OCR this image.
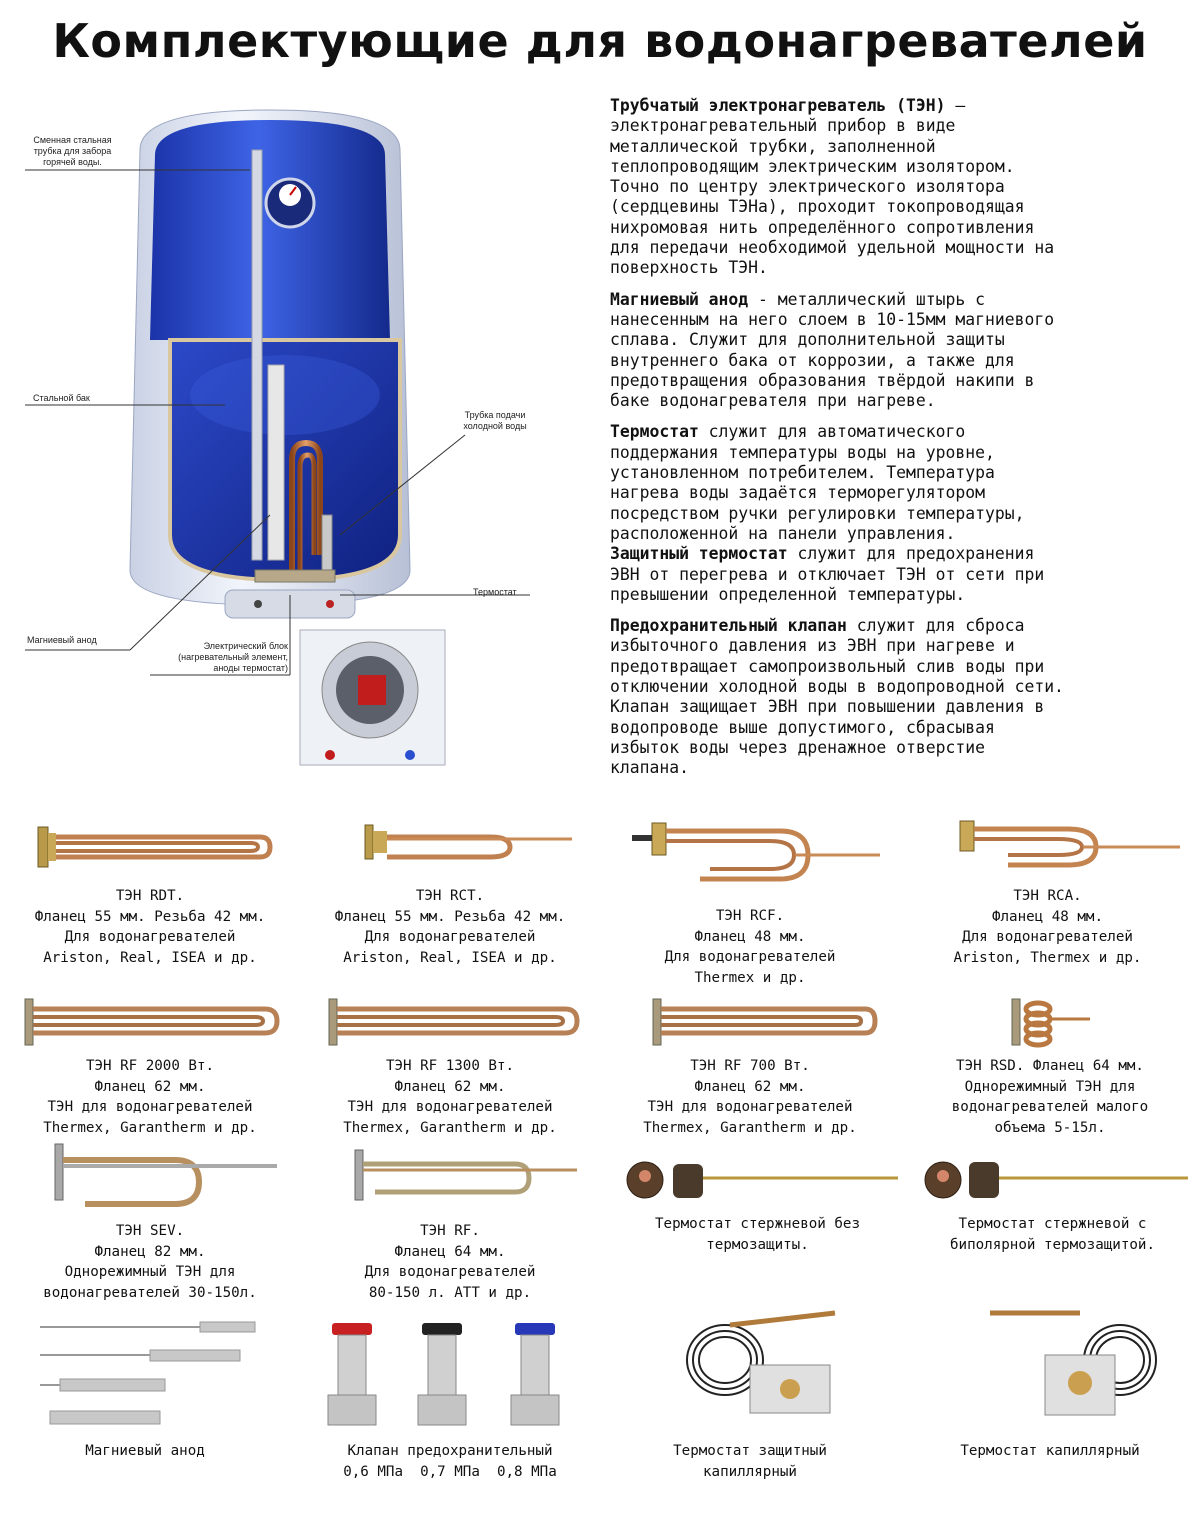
Комплектующие для водонагревателей
Сменная стальная
трубка для забора
горячей воды.
Стальной бак
Трубка подачи
холодной воды
Термостат
Магниевый анод
Электрический блок
(нагревательный элемент,
аноды термостат)

Трубчатый электронагреватель (ТЭН) —
электронагревательный прибор в виде
металлической трубки, заполненной
теплопроводящим электрическим изолятором.
Точно по центру электрического изолятора
(сердцевины ТЭНа), проходит токопроводящая
нихромовая нить определённого сопротивления
для передачи необходимой удельной мощности на
поверхность ТЭН.

Магниевый анод - металлический штырь с
нанесенным на него слоем в 10-15мм магниевого
сплава. Служит для дополнительной защиты
внутреннего бака от коррозии, а также для
предотвращения образования твёрдой накипи в
баке водонагревателя при нагреве.

Термостат служит для автоматического
поддержания температуры воды на уровне,
установленном потребителем. Температура
нагрева воды задаётся терморегулятором
посредством ручки регулировки температуры,
расположенной на панели управления.

Защитный термостат служит для предохранения
ЭВН от перегрева и отключает ТЭН от сети при
превышении определенной температуры.

Предохранительный клапан служит для сброса
избыточного давления из ЭВН при нагреве и
предотвращает самопроизвольный слив воды при
отключении холодной воды в водопроводной сети.
Клапан защищает ЭВН при повышении давления в
водопроводе выше допустимого, сбрасывая
избыток воды через дренажное отверстие
клапана.

ТЭН RDT.
Фланец 55 мм. Резьба 42 мм.
Для водонагревателей
Ariston, Real, ISEA и др.
ТЭН RCT.
Фланец 55 мм. Резьба 42 мм.
Для водонагревателей
Ariston, Real, ISEA и др.
ТЭН RCF.
Фланец 48 мм.
Для водонагревателей
Thermex и др.
ТЭН RCA.
Фланец 48 мм.
Для водонагревателей
Ariston, Thermex и др.
ТЭН RF 2000 Вт.
Фланец 62 мм.
ТЭН для водонагревателей
Thermex, Garantherm и др.
ТЭН RF 1300 Вт.
Фланец 62 мм.
ТЭН для водонагревателей
Thermex, Garantherm и др.
ТЭН RF 700 Вт.
Фланец 62 мм.
ТЭН для водонагревателей
Thermex, Garantherm и др.
ТЭН RSD. Фланец 64 мм.
Однорежимный ТЭН для
водонагревателей малого
объема 5-15л.
ТЭН SEV.
Фланец 82 мм.
Однорежимный ТЭН для
водонагревателей 30-150л.
ТЭН RF.
Фланец 64 мм.
Для водонагревателей
80-150 л. ATT и др.
Термостат стержневой без
термозащиты.
Термостат стержневой с
биполярной термозащитой.
Магниевый анод	Клапан предохранительный
0,6 МПа  0,7 МПа  0,8 МПа
Термостат защитный
капиллярный
Термостат капиллярный
